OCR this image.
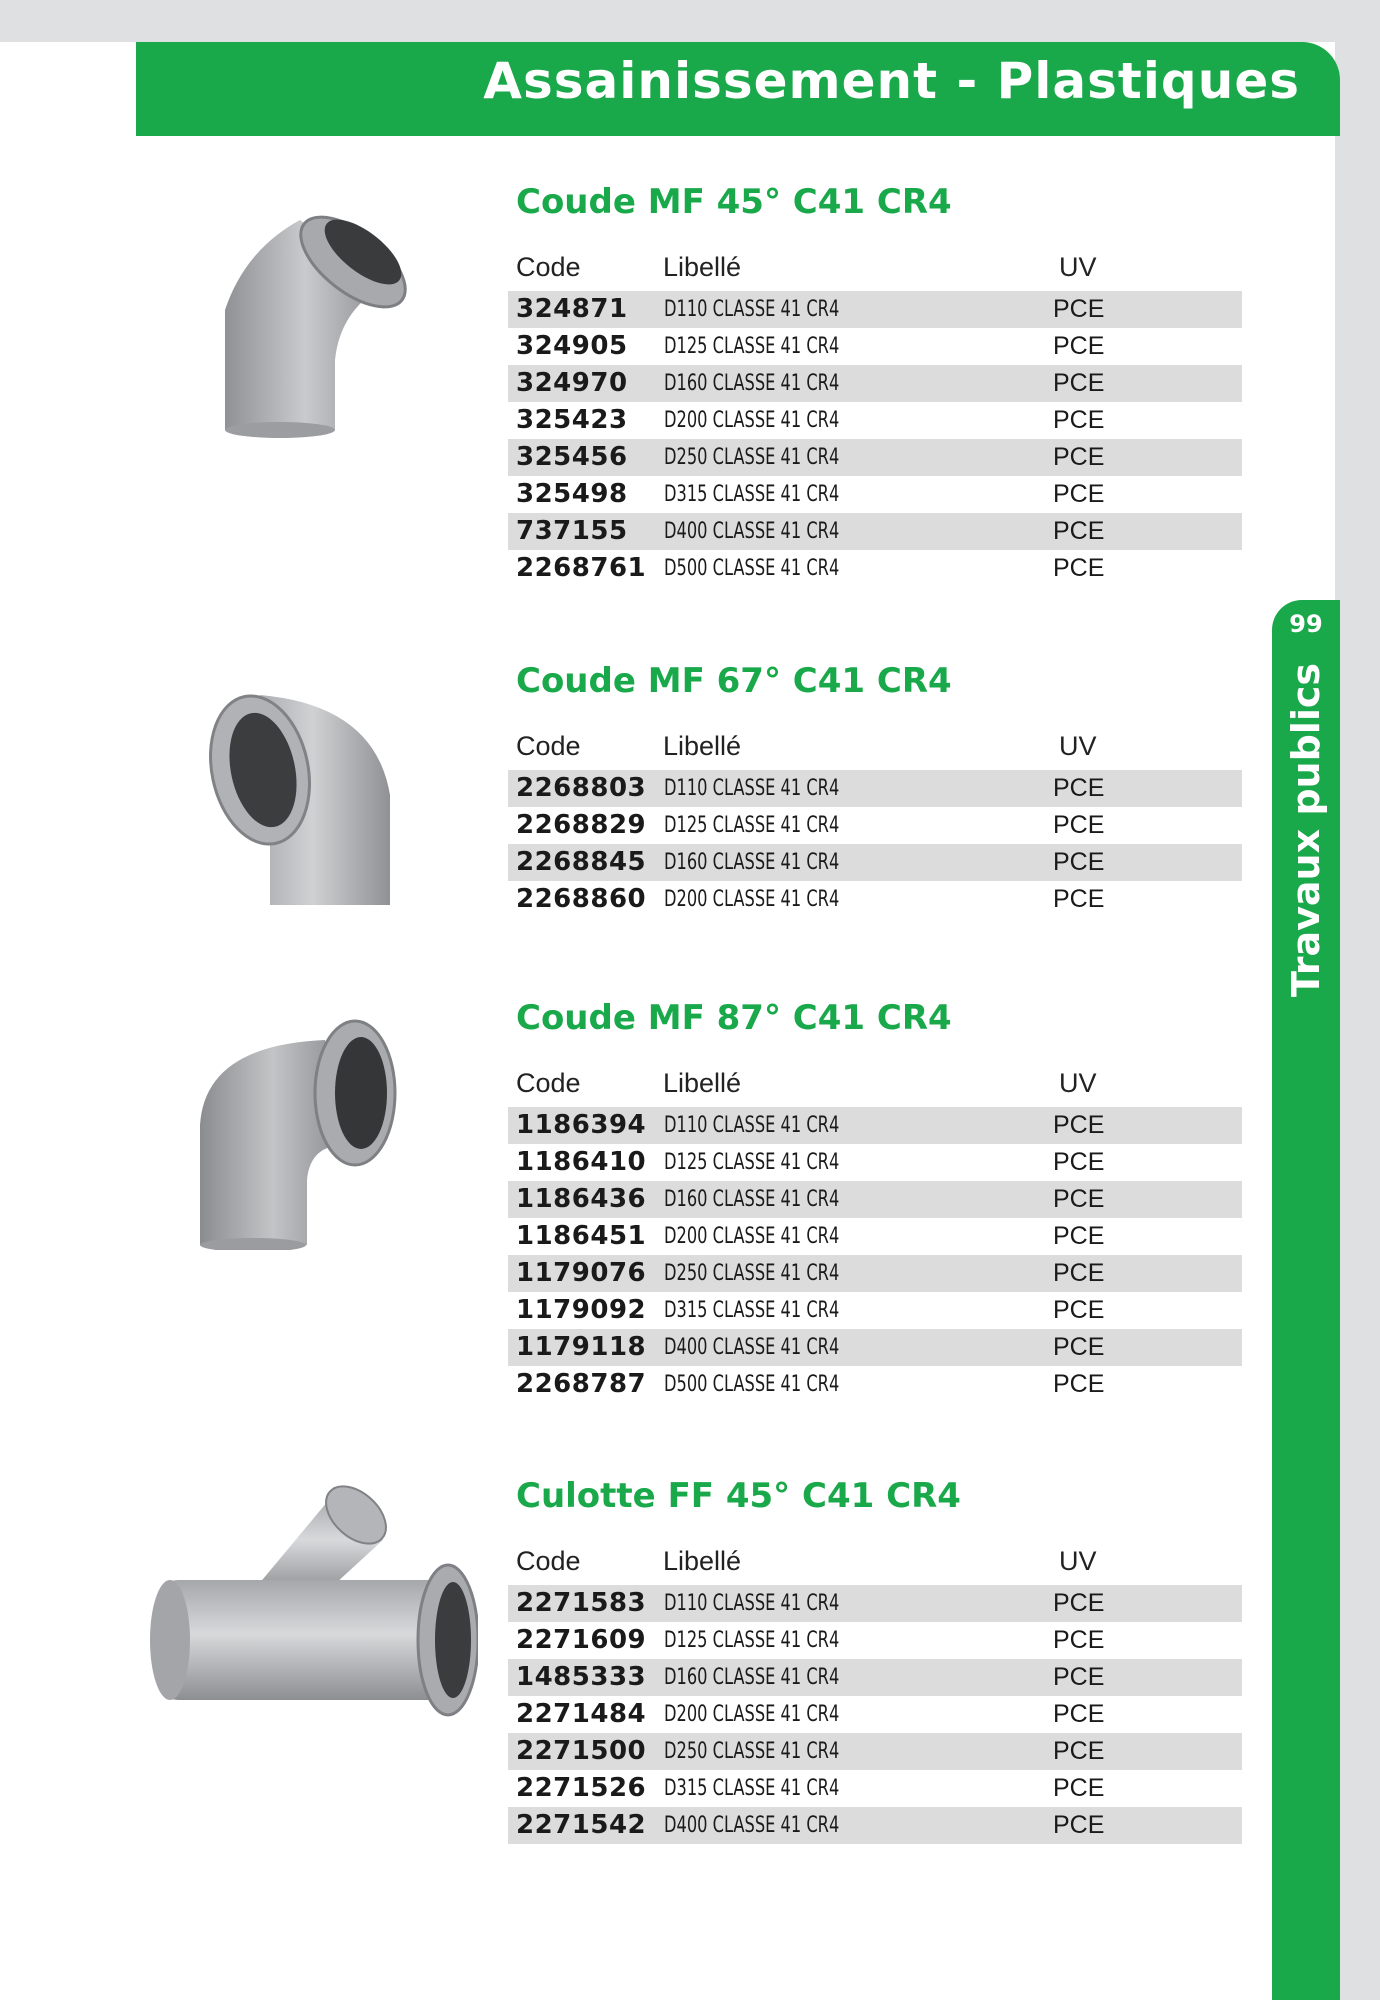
Assainissement - Plastiques
99
Travaux publics
Coude MF 45° C41 CR4
Code	Libellé	UV
324871 D110 CLASSE 41 CR4	PCE
324905 D125 CLASSE 41 CR4	PCE
324970 D160 CLASSE 41 CR4	PCE
325423 D200 CLASSE 41 CR4	PCE
325456 D250 CLASSE 41 CR4	PCE
325498 D315 CLASSE 41 CR4	PCE
737155 D400 CLASSE 41 CR4	PCE
2268761 D500 CLASSE 41 CR4	PCE
Coude MF 67° C41 CR4
Code	Libellé	UV
2268803 D110 CLASSE 41 CR4	PCE
2268829 D125 CLASSE 41 CR4	PCE
2268845 D160 CLASSE 41 CR4	PCE
2268860 D200 CLASSE 41 CR4	PCE
Coude MF 87° C41 CR4
Code	Libellé	UV
1186394 D110 CLASSE 41 CR4	PCE
1186410 D125 CLASSE 41 CR4	PCE
1186436 D160 CLASSE 41 CR4	PCE
1186451 D200 CLASSE 41 CR4	PCE
1179076 D250 CLASSE 41 CR4	PCE
1179092 D315 CLASSE 41 CR4	PCE
1179118 D400 CLASSE 41 CR4	PCE
2268787 D500 CLASSE 41 CR4	PCE
Culotte FF 45° C41 CR4
Code	Libellé	UV
2271583 D110 CLASSE 41 CR4	PCE
2271609 D125 CLASSE 41 CR4	PCE
1485333 D160 CLASSE 41 CR4	PCE
2271484 D200 CLASSE 41 CR4	PCE
2271500 D250 CLASSE 41 CR4	PCE
2271526 D315 CLASSE 41 CR4	PCE
2271542 D400 CLASSE 41 CR4	PCE
